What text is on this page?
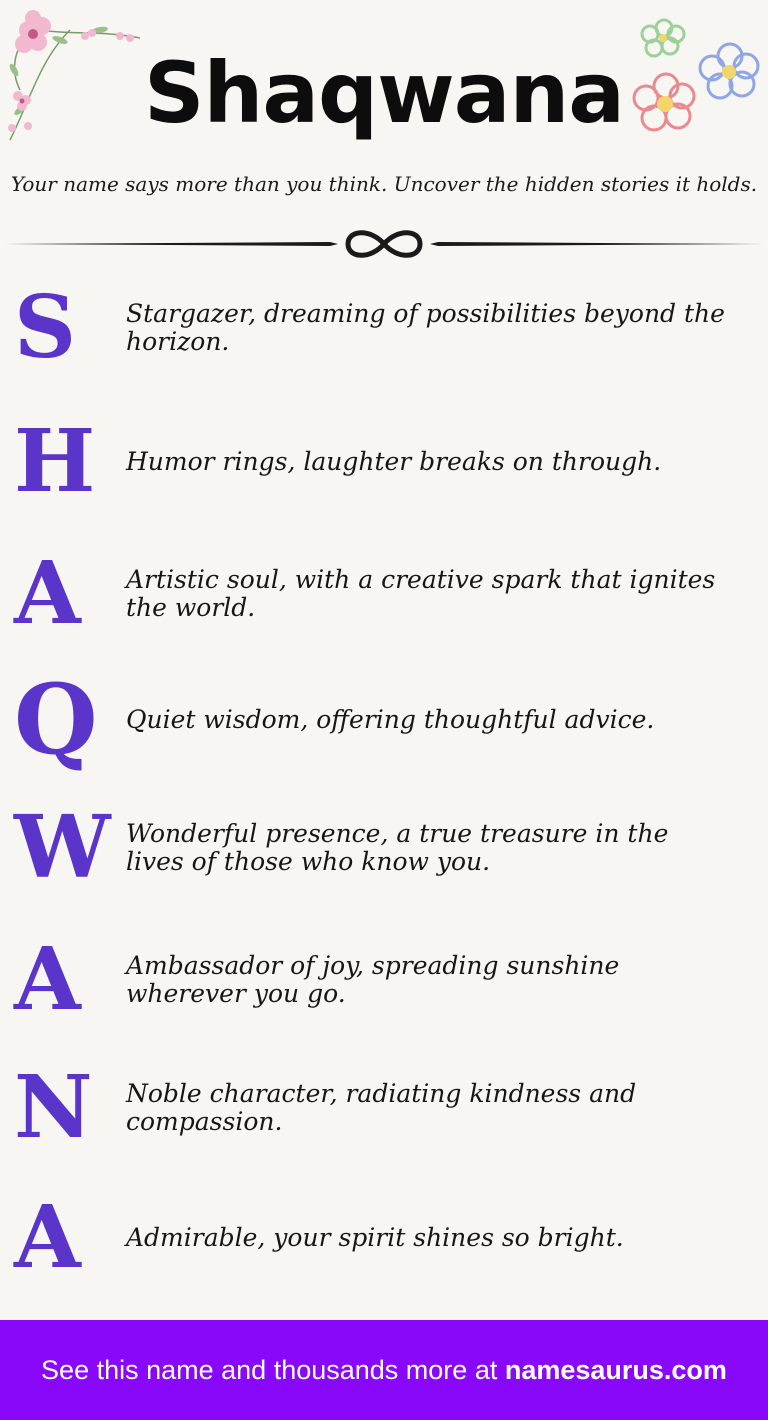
Shaqwana
Your name says more than you think. Uncover the hidden stories it holds.
S	Stargazer, dreaming of possibilities beyond the horizon.
H	Humor rings, laughter breaks on through.
A	Artistic soul, with a creative spark that ignites the world.
Q	Quiet wisdom, offering thoughtful advice.
W Wonderful presence, a true treasure in the lives of those who know you.
A	Ambassador of joy, spreading sunshine wherever you go.
N	Noble character, radiating kindness and compassion.
A	Admirable, your spirit shines so bright.
See this name and thousands more at namesaurus.com
